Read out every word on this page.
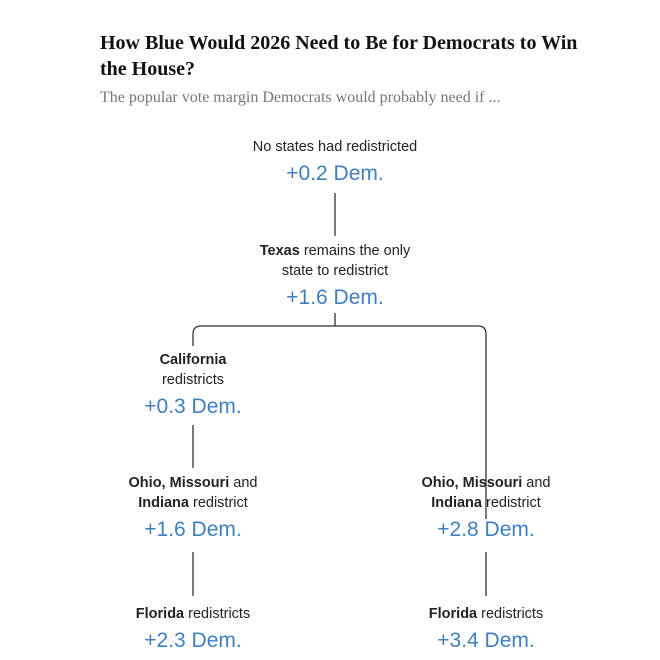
How Blue Would 2026 Need to Be for Democrats to Win the House?

The popular vote margin Democrats would probably need if ...

No states had redistricted
+0.2 Dem.
Texas remains the only
state to redistrict
+1.6 Dem.
California
redistricts
+0.3 Dem.
Ohio, Missouri and
Indiana redistrict
+1.6 Dem.
Ohio, Missouri and
Indiana redistrict
+2.8 Dem.
Florida redistricts
+2.3 Dem.
Florida redistricts
+3.4 Dem.
